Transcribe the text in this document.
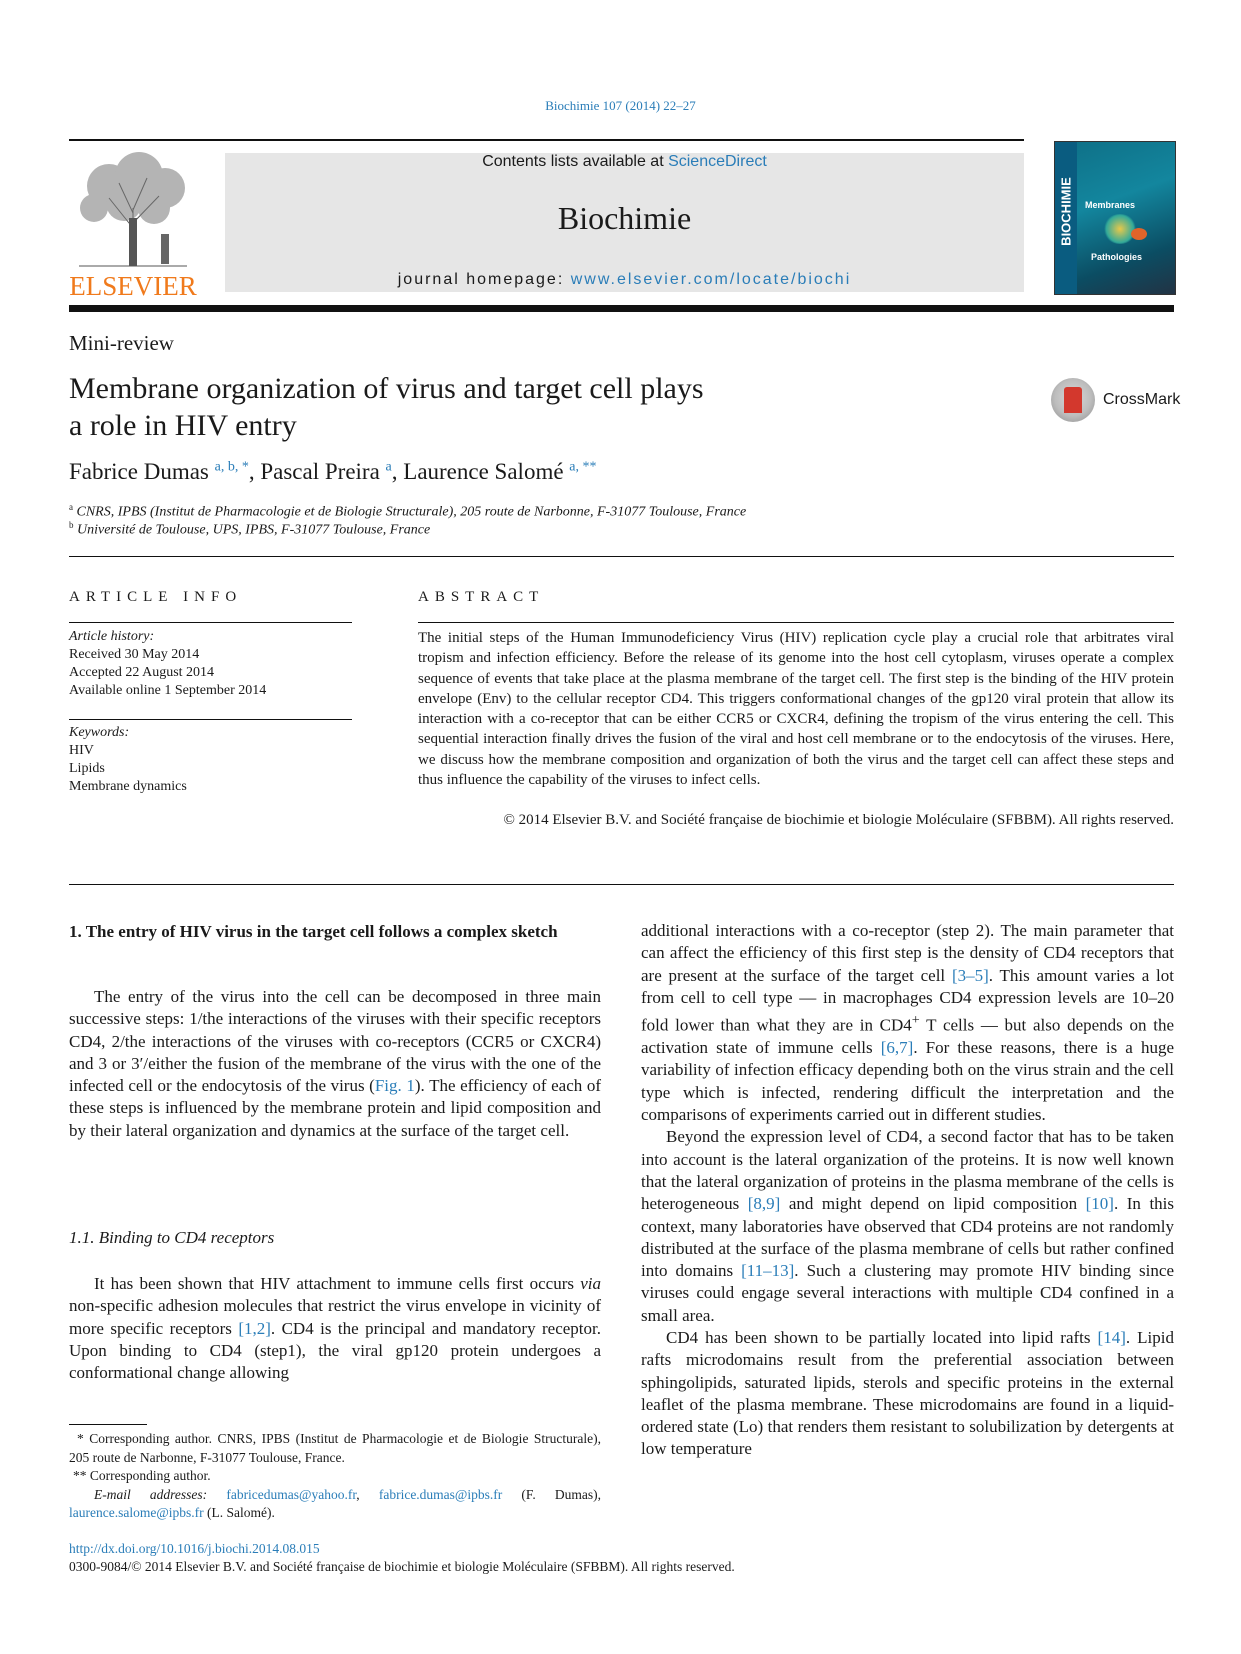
Biochimie 107 (2014) 22–27
ELSEVIER
Contents lists available at ScienceDirect
Biochimie
journal homepage: www.elsevier.com/locate/biochi
BIOCHIMIE Membranes
Pathologies
Mini-review
Membrane organization of virus and target cell plays
a role in HIV entry
CrossMark
Fabrice Dumas $^{a, b, *}$, Pascal Preira $^a$, Laurence Salomé $^{a, **}$
$^a$ CNRS, IPBS (Institut de Pharmacologie et de Biologie Structurale), 205 route de Narbonne, F-31077 Toulouse, France
$^b$ Université de Toulouse, UPS, IPBS, F-31077 Toulouse, France
ARTICLE INFO
Article history:
Received 30 May 2014
Accepted 22 August 2014
Available online 1 September 2014
Keywords:
HIV
Lipids
Membrane dynamics
ABSTRACT
The initial steps of the Human Immunodeficiency Virus (HIV) replication cycle play a crucial role that arbitrates viral tropism and infection efficiency. Before the release of its genome into the host cell cytoplasm, viruses operate a complex sequence of events that take place at the plasma membrane of the target cell. The first step is the binding of the HIV protein envelope (Env) to the cellular receptor CD4. This triggers conformational changes of the gp120 viral protein that allow its interaction with a co-receptor that can be either CCR5 or CXCR4, defining the tropism of the virus entering the cell. This sequential interaction finally drives the fusion of the viral and host cell membrane or to the endocytosis of the viruses. Here, we discuss how the membrane composition and organization of both the virus and the target cell can affect these steps and thus influence the capability of the viruses to infect cells.
© 2014 Elsevier B.V. and Société française de biochimie et biologie Moléculaire (SFBBM). All rights reserved.
1. The entry of HIV virus in the target cell follows a complex sketch
The entry of the virus into the cell can be decomposed in three main successive steps: 1/the interactions of the viruses with their specific receptors CD4, 2/the interactions of the viruses with co-receptors (CCR5 or CXCR4) and 3 or 3′/either the fusion of the membrane of the virus with the one of the infected cell or the endocytosis of the virus (Fig. 1). The efficiency of each of these steps is influenced by the membrane protein and lipid composition and by their lateral organization and dynamics at the surface of the target cell.
1.1. Binding to CD4 receptors
It has been shown that HIV attachment to immune cells first occurs via non-specific adhesion molecules that restrict the virus envelope in vicinity of more specific receptors [1,2]. CD4 is the principal and mandatory receptor. Upon binding to CD4 (step1), the viral gp120 protein undergoes a conformational change allowing

additional interactions with a co-receptor (step 2). The main parameter that can affect the efficiency of this first step is the density of CD4 receptors that are present at the surface of the target cell [3–5]. This amount varies a lot from cell to cell type — in macrophages CD4 expression levels are 10–20 fold lower than what they are in CD4+ T cells — but also depends on the activation state of immune cells [6,7]. For these reasons, there is a huge variability of infection efficacy depending both on the virus strain and the cell type which is infected, rendering difficult the interpretation and the comparisons of experiments carried out in different studies.

Beyond the expression level of CD4, a second factor that has to be taken into account is the lateral organization of the proteins. It is now well known that the lateral organization of proteins in the plasma membrane of the cells is heterogeneous [8,9] and might depend on lipid composition [10]. In this context, many laboratories have observed that CD4 proteins are not randomly distributed at the surface of the plasma membrane of cells but rather confined into domains [11–13]. Such a clustering may promote HIV binding since viruses could engage several interactions with multiple CD4 confined in a small area.

CD4 has been shown to be partially located into lipid rafts [14]. Lipid rafts microdomains result from the preferential association between sphingolipids, saturated lipids, sterols and specific proteins in the external leaflet of the plasma membrane. These microdomains are found in a liquid-ordered state (Lo) that renders them resistant to solubilization by detergents at low temperature

* Corresponding author. CNRS, IPBS (Institut de Pharmacologie et de Biologie Structurale), 205 route de Narbonne, F-31077 Toulouse, France.
** Corresponding author.
E-mail addresses: fabricedumas@yahoo.fr, fabrice.dumas@ipbs.fr (F. Dumas), laurence.salome@ipbs.fr (L. Salomé).
http://dx.doi.org/10.1016/j.biochi.2014.08.015
0300-9084/© 2014 Elsevier B.V. and Société française de biochimie et biologie Moléculaire (SFBBM). All rights reserved.
